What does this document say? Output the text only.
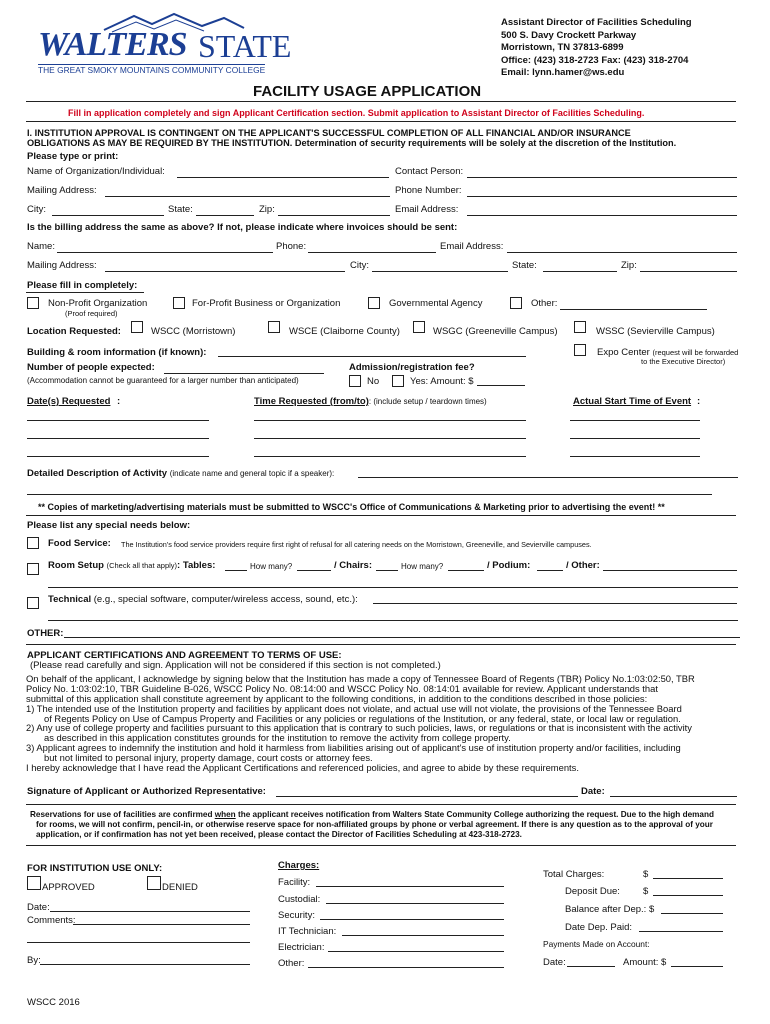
WALTERS STATE
THE GREAT SMOKY MOUNTAINS COMMUNITY COLLEGE
Assistant Director of Facilities Scheduling
500 S. Davy Crockett Parkway
Morristown, TN 37813-6899
Office: (423) 318-2723 Fax: (423) 318-2704
Email: lynn.hamer@ws.edu
FACILITY USAGE APPLICATION
Fill in application completely and sign Applicant Certification section. Submit application to Assistant Director of Facilities Scheduling.
I. INSTITUTION APPROVAL IS CONTINGENT ON THE APPLICANT'S SUCCESSFUL COMPLETION OF ALL FINANCIAL AND/OR INSURANCE
OBLIGATIONS AS MAY BE REQUIRED BY THE INSTITUTION. Determination of security requirements will be solely at the discretion of the Institution.
Please type or print:
Name of Organization/Individual:	Contact Person:
Mailing Address:	Phone Number:
City:	State:	Zip:	Email Address:
Is the billing address the same as above? If not, please indicate where invoices should be sent:
Name:	Phone:	Email Address:
Mailing Address:	City:	State:	Zip:
Please fill in completely:
Non-Profit Organization
(Proof required)
For-Profit Business or Organization	Governmental Agency	Other:
Location Requested:	WSCC (Morristown)	WSCE (Claiborne County)	WSGC (Greeneville Campus)	WSSC (Sevierville Campus)
Building & room information (if known):	Expo Center (request will be forwarded
to the Executive Director)
Number of people expected:	Admission/registration fee?
(Accommodation cannot be guaranteed for a larger number than anticipated)	No	Yes: Amount: $
Date(s) Requested :	Time Requested (from/to): (include setup / teardown times)	Actual Start Time of Event :
Detailed Description of Activity (indicate name and general topic if a speaker):
** Copies of marketing/advertising materials must be submitted to WSCC's Office of Communications & Marketing prior to advertising the event! **
Please list any special needs below:
Food Service: The Institution's food service providers require first right of refusal for all catering needs on the Morristown, Greeneville, and Sevierville campuses.
Room Setup (Check all that apply): Tables:	How many?	/ Chairs:	How many?	/ Podium:	/ Other:
Technical (e.g., special software, computer/wireless access, sound, etc.):
OTHER:
APPLICANT CERTIFICATIONS AND AGREEMENT TO TERMS OF USE:
(Please read carefully and sign. Application will not be considered if this section is not completed.)
On behalf of the applicant, I acknowledge by signing below that the Institution has made a copy of Tennessee Board of Regents (TBR) Policy No.1:03:02:50, TBR
Policy No. 1:03:02:10, TBR Guideline B-026, WSCC Policy No. 08:14:00 and WSCC Policy No. 08:14:01 available for review. Applicant understands that
submittal of this application shall constitute agreement by applicant to the following conditions, in addition to the conditions described in those policies:
1) The intended use of the Institution property and facilities by applicant does not violate, and actual use will not violate, the provisions of the Tennessee Board
of Regents Policy on Use of Campus Property and Facilities or any policies or regulations of the Institution, or any federal, state, or local law or regulation.
2) Any use of college property and facilities pursuant to this application that is contrary to such policies, laws, or regulations or that is inconsistent with the activity
as described in this application constitutes grounds for the institution to remove the activity from college property.
3) Applicant agrees to indemnify the institution and hold it harmless from liabilities arising out of applicant's use of institution property and/or facilities, including
but not limited to personal injury, property damage, court costs or attorney fees.
I hereby acknowledge that I have read the Applicant Certifications and referenced policies, and agree to abide by these requirements.
Signature of Applicant or Authorized Representative:	Date:
Reservations for use of facilities are confirmed when the applicant receives notification from Walters State Community College authorizing the request. Due to the high demand
for rooms, we will not confirm, pencil-in, or otherwise reserve space for non-affiliated groups by phone or verbal agreement. If there is any question as to the approval of your
application, or if confirmation has not yet been received, please contact the Director of Facilities Scheduling at 423-318-2723.
FOR INSTITUTION USE ONLY:
APPROVED	DENIED
Date:
Comments:
By:
Charges:
Facility:
Custodial:
Security:
IT Technician:
Electrician:
Other:
Total Charges:	$
Deposit Due: $
Balance after Dep.: $
Date Dep. Paid:
Payments Made on Account:
Date:	Amount: $
WSCC 2016
